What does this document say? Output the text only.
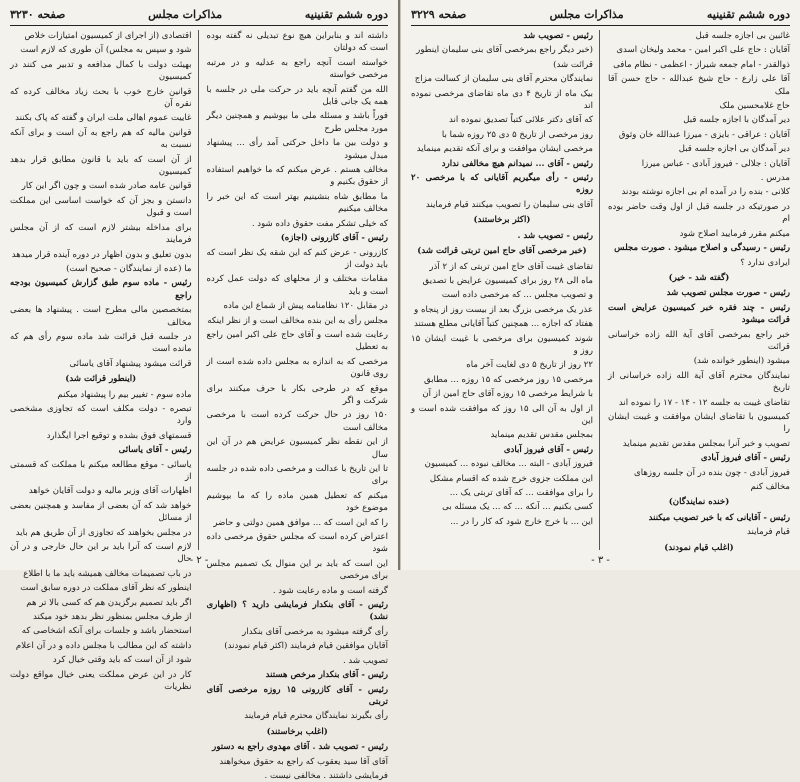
دوره ششم تقنینیه
مذاکرات مجلس
صفحه ۳۲۳۰

داشته اند و بنابراین هیچ نوع تبدیلی نه گفته بوده است که دولتان

خواسته است آنچه راجع به عدلیه و در مرتبه مرخصی خواسته

الله من گفتم آنچه باید در حرکت ملی در جلسه با همه یک جانی قابل

فوراً باشد و مسئله ملی ما بپوشیم و همچنین دیگر مورد مجلس طرح

و دولت بین ما داخل حرکتی آمد رأی ... پیشنهاد مبدل میشود

مخالف هستم . عرض میکنم که ما خواهیم استفاده از حقوق بکنیم و

ما مطابق شاه بنشینیم بهتر است که این خبر را مخالف میکنیم

که خیلی تشکر مفت حقوق داده شود .

رئیس - آقای کازرونی (اجازه)

کازرونی - عرض کنم که این شقه یک نظر است که باید دولت از

مقامات مختلف و از محلهای که دولت عمل کرده است و باید

در مقابل ۱۲۰ نظامنامه پیش از شماع این ماده

مجلس رأی به این بنده مخالف است و از نظر اینکه

رعایت شده است و آقای حاج علی اکبر امین راجع به تعطیل

مرخصی که به اندازه به مجلس داده شده است از روی قانون

موقع که در طرحی بکار با حرف میکنند برای شرکت و اگر

۱۵۰ روز در حال حرکت کرده است با مرخصی مخالف است

از این نقطه نظر کمیسیون عرایض هم در آن این سال

تا این تاریخ با عدالت و مرخصی داده شده در جلسه برای

میکنم که تعطیل همین ماده را که ما بپوشیم موضوع خود

را که این است که ... موافق همین دولتی و حاضر

اعتراض کرده است که مجلس حقوق مرخصی داده شود

این است که باید بر این منوال یک تصمیم مجلس برای مرخصی

گرفته است و ماده رعایت شود .

رئیس - آقای بنکدار فرمایشی دارید ؟ (اظهاری نشد)

رأی گرفته میشود به مرخصی آقای بنکدار

آقایان موافقین قیام فرمایند (اکثر قیام نمودند)

تصویب شد .

رئیس - آقای بنکدار مرخص هستند

رئیس - آقای کازرونی ۱۵ روزه مرخصی آقای تربتی

رأی بگیرند نمایندگان محترم قیام فرمایند

(اغلب برخاستند)

رئیس - تصویب شد . آقای مهدوی راجع به دستور

آقای آقا سید یعقوب که راجع به حقوق میخواهند

فرمایشی داشتند . مخالفی نیست .

اقتصادی (از اجرای از کمیسیون امتیازات خلاص

شود و سپس به مجلس) آن طوری که لازم است

بهیئت دولت با کمال مدافعه و تدبیر می کنند در کمیسیون

قوانین خارج خوب با بحث زیاد مخالف کرده که نقره آن

غاییت عموم اهالی ملت ایران و گفته که پاک بکنند

قوانین مالیه که هم راجع به آن است و برای آنکه نسبت به

از آن است که باید با قانون مطابق قرار بدهد کمیسیون

قوانین عامه صادر شده است و چون اگر این کار

دانستن و بجز آن که خواست اساسی این مملکت است و قبول

برای مداخله بیشتر لازم است که از آن مجلس فرمایند

بدون تعلیق و بدون اظهار در دوره آینده قرار میدهد

ما (عده از نمایندگان - صحیح است)

رئیس - ماده سوم طبق گزارش کمیسیون بودجه راجع

بمتخصصین مالی مطرح است . پیشنهاد ها بعضی مخالف

در جلسه قبل قرائت شد ماده سوم رأی هم که مانده است

قرائت میشود پیشنهاد آقای یاسائی

(اینطور قرائت شد)

ماده سوم - تغییر بیم را پیشنهاد میکنم

تبصره - دولت مکلف است که تجاوزی مشخصی وارد

قسمتهای فوق بشده و توقیع اجرا ایگذارد

رئیس - آقای یاسائی

یاسائی - موقع مطالعه میکنم با مملکت که قسمتی از

اظهارات آقای وزیر مالیه و دولت آقایان خواهد

خواهد شد که آن بعضی از مفاسد و همچنین بعضی از مسائل

در مجلس بخواهند که تجاوزی از آن طریق هم باید

لازم است که آنرا باید بر این حال خارجی و در آن حال

در باب تصمیمات مخالف همیشه باید ما با اطلاع

اینطور که نظر آقای مملکت در دوره سابق است

اگر باید تصمیم برگزیدن هم که کسی بالا تر هم

از طرف مجلس بمنظور نظر بدهد خود میکند

استحضار باشد و جلسات برای آنکه اشخاصی که

داشته که این مطالب با مجلس داده و در آن اعلام

شود از آن است که باید وقتی خیال کرد

کار در این عرض مملکت یعنی خیال مواقع دولت نظریات

- ۲ -
دوره ششم تقنینیه
مذاکرات مجلس
صفحه ۳۲۲۹

غائبین بی اجازه جلسه قبل

آقایان : حاج علی اکبر امین - محمد ولیخان اسدی

ذوالقدر - امام جمعه شیراز - اعظمی - نظام مافی

آقا علی زارع - حاج شیخ عبدالله - حاج حسن آقا ملک

حاج غلامحسین ملک

دیر آمدگان با اجازه جلسه قبل

آقایان : عراقی - بایزی - میرزا عبدالله خان وثوق

دیر آمدگان بی اجازه جلسه قبل

آقایان : جلالی - فیروز آبادی - عباس میرزا

مدرس .

کلانی - بنده را در آمده ام بی اجازه نوشته بودند

در صورتیکه در جلسه قبل از اول وقت حاضر بوده ام

میکنم مقرر فرمایید اصلاح شود

رئیس - رسیدگی و اصلاح میشود . صورت مجلس

ایرادی ندارد ؟

(گفته شد - خیر)

رئیس - صورت مجلس تصویب شد

رئیس - چند فقره خبر کمیسیون عرایض است قرائت میشود

خبر راجع بمرخصی آقای آیة الله زاده خراسانی قرائت

میشود (اینطور خوانده شد)

نمایندگان محترم آقای آیة الله زاده خراسانی از تاریخ

تقاضای غیبت به جلسه ۱۲ - ۱۴ - ۱۷ را نموده اند

کمیسیون با تقاضای ایشان موافقت و غیبت ایشان را

تصویب و خبر آنرا بمجلس مقدس تقدیم مینماید

رئیس - آقای فیروز آبادی

فیروز آبادی - چون بنده در آن جلسه روزهای

مخالف کنم

(خنده نمایندگان)

رئیس - آقایانی که با خبر تصویب میکنند

قیام فرمایند

(اغلب قیام نمودند)

رئیس - تصویب شد

(خبر دیگر راجع بمرخصی آقای بنی سلیمان اینطور

قرائت شد)

نمایندگان محترم آقای بنی سلیمان از کسالت مزاج

بیک ماه از تاریخ ۴ دی ماه تقاضای مرخصی نموده اند

که آقای دکتر علائی کتباً تصدیق نموده اند

روز مرخصی از تاریخ ۵ دی ۲۵ روزه شما با

مرخصی ایشان موافقت و برای آنکه تقدیم مینماید

رئیس - آقای ... نمیدانم هیچ مخالفی ندارد

رئیس - رأی میگیریم آقایانی که با مرخصی ۲۰ روزه

آقای بنی سلیمان را تصویب میکنند قیام فرمایند

(اکثر برخاستند)

رئیس - تصویب شد .

(خبر مرخصی آقای حاج امین تربتی قرائت شد)

تقاضای غیبت آقای حاج امین تربتی که از ۲ آذر

ماه الی ۲۸ روز برای کمیسیون عرایض با تصدیق

و تصویب مجلس ... که مرخصی داده است

عذر یک مرخصی بزرگ بعد از بیست روز از پنجاه و

هفتاد که اجازه ... همچنین کتباً آقایانی مطلع هستند

شوند کمیسیون برای مرخصی با غیبت ایشان ۱۵ روز و

۲۲ روز از تاریخ ۵ دی لغایت آخر ماه

مرخصی ۱۵ روز مرخصی که ۱۵ روزه ... مطابق

با شرایط مرخصی ۱۵ روزه آقای حاج امین از آن

از اول به آن الی ۱۵ روز که موافقت شده است و این

بمجلس مقدس تقدیم مینماید

رئیس - آقای فیروز آبادی

فیروز آبادی - البته ... مخالف نبوده ... کمیسیون

این مملکت جزوی خرج شده که اقسام مشکل

را برای موافقت ... که آقای تربتی یک ...

کسی بکنیم ... آنکه ... که ... یک مسئله بی

این ... با خرج خارج شود که کار را در ...

- ۳ -
